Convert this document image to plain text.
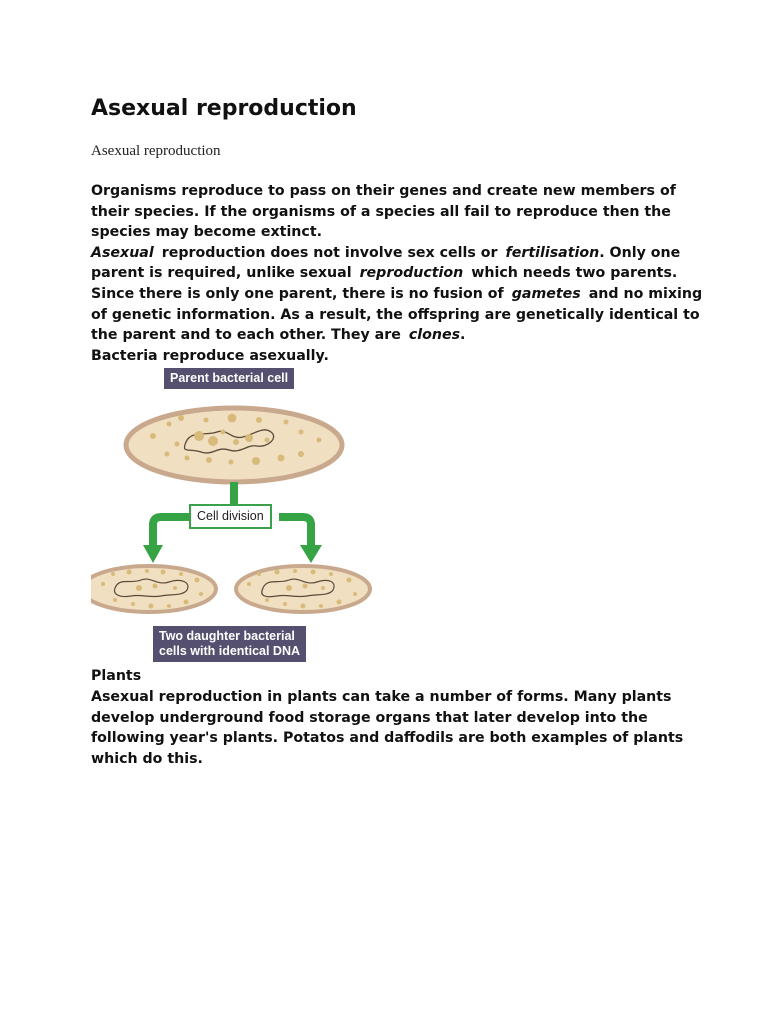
Asexual reproduction
Asexual reproduction

Organisms reproduce to pass on their genes and create new members of their species. If the organisms of a species all fail to reproduce then the species may become extinct.

Asexual reproduction does not involve sex cells or fertilisation. Only one parent is required, unlike sexual reproduction which needs two parents. Since there is only one parent, there is no fusion of gametes and no mixing of genetic information. As a result, the offspring are genetically identical to the parent and to each other. They are clones.

Bacteria reproduce asexually.

Parent bacterial cell
Cell division
Two daughter bacterial
cells with identical DNA
Plants
Asexual reproduction in plants can take a number of forms. Many plants develop underground food storage organs that later develop into the following year's plants. Potatos and daffodils are both examples of plants which do this.
